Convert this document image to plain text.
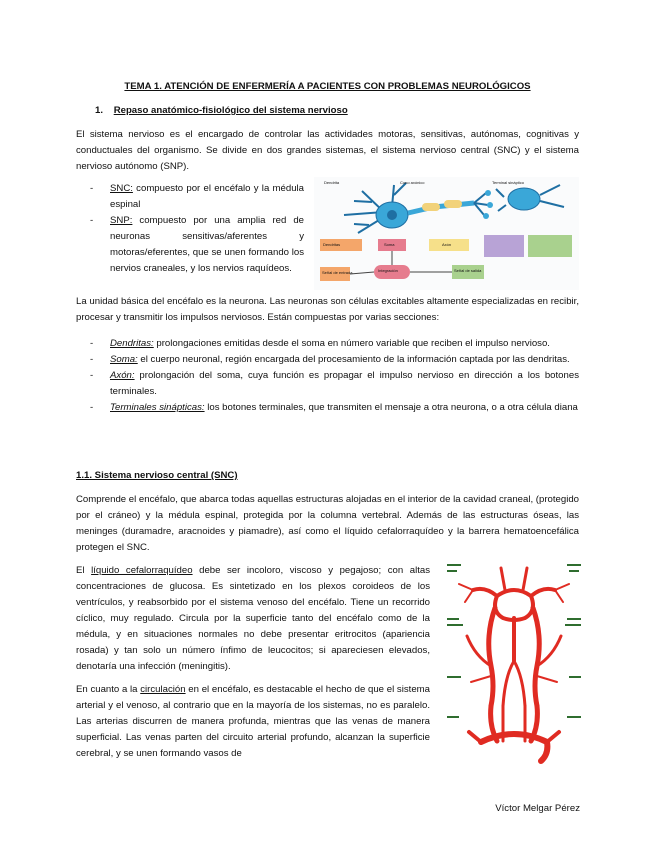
TEMA 1. ATENCIÓN DE ENFERMERÍA A PACIENTES CON PROBLEMAS NEUROLÓGICOS
1. Repaso anatómico-fisiológico del sistema nervioso

El sistema nervioso es el encargado de controlar las actividades motoras, sensitivas, autónomas, cognitivas y conductuales del organismo. Se divide en dos grandes sistemas, el sistema nervioso central (SNC) y el sistema nervioso autónomo (SNP).

- SNC: compuesto por el encéfalo y la médula espinal
- SNP: compuesto por una amplia red de neuronas sensitivas/aferentes y motoras/eferentes, que se unen formando los nervios craneales, y los nervios raquídeos.
Dendrita	Cono axónico	Terminal sináptico
Integración
Dendritas	Soma	Axón
Señal de entrada	Señal de salida

La unidad básica del encéfalo es la neurona. Las neuronas son células excitables altamente especializadas en recibir, procesar y transmitir los impulsos nerviosos. Están compuestas por varias secciones:

- Dendritas: prolongaciones emitidas desde el soma en número variable que reciben el impulso nervioso.
- Soma: el cuerpo neuronal, región encargada del procesamiento de la información captada por las dendritas.
- Axón: prolongación del soma, cuya función es propagar el impulso nervioso en dirección a los botones terminales.
- Terminales sinápticas: los botones terminales, que transmiten el mensaje a otra neurona, o a otra célula diana
1.1. Sistema nervioso central (SNC)

Comprende el encéfalo, que abarca todas aquellas estructuras alojadas en el interior de la cavidad craneal, (protegido por el cráneo) y la médula espinal, protegida por la columna vertebral. Además de las estructuras óseas, las meninges (duramadre, aracnoides y piamadre), así como el líquido cefalorraquídeo y la barrera hematoencefálica protegen el SNC.

El líquido cefalorraquídeo debe ser incoloro, viscoso y pegajoso; con altas concentraciones de glucosa. Es sintetizado en los plexos coroideos de los ventrículos, y reabsorbido por el sistema venoso del encéfalo. Tiene un recorrido cíclico, muy regulado. Circula por la superficie tanto del encéfalo como de la médula, y en situaciones normales no debe presentar eritrocitos (apariencia rosada) y tan solo un número ínfimo de leucocitos; si apareciesen elevados, denotaría una infección (meningitis).

En cuanto a la circulación en el encéfalo, es destacable el hecho de que el sistema arterial y el venoso, al contrario que en la mayoría de los sistemas, no es paralelo. Las arterias discurren de manera profunda, mientras que las venas de manera superficial. Las venas parten del circuito arterial profundo, alcanzan la superficie cerebral, y se unen formando vasos de

Víctor Melgar Pérez
